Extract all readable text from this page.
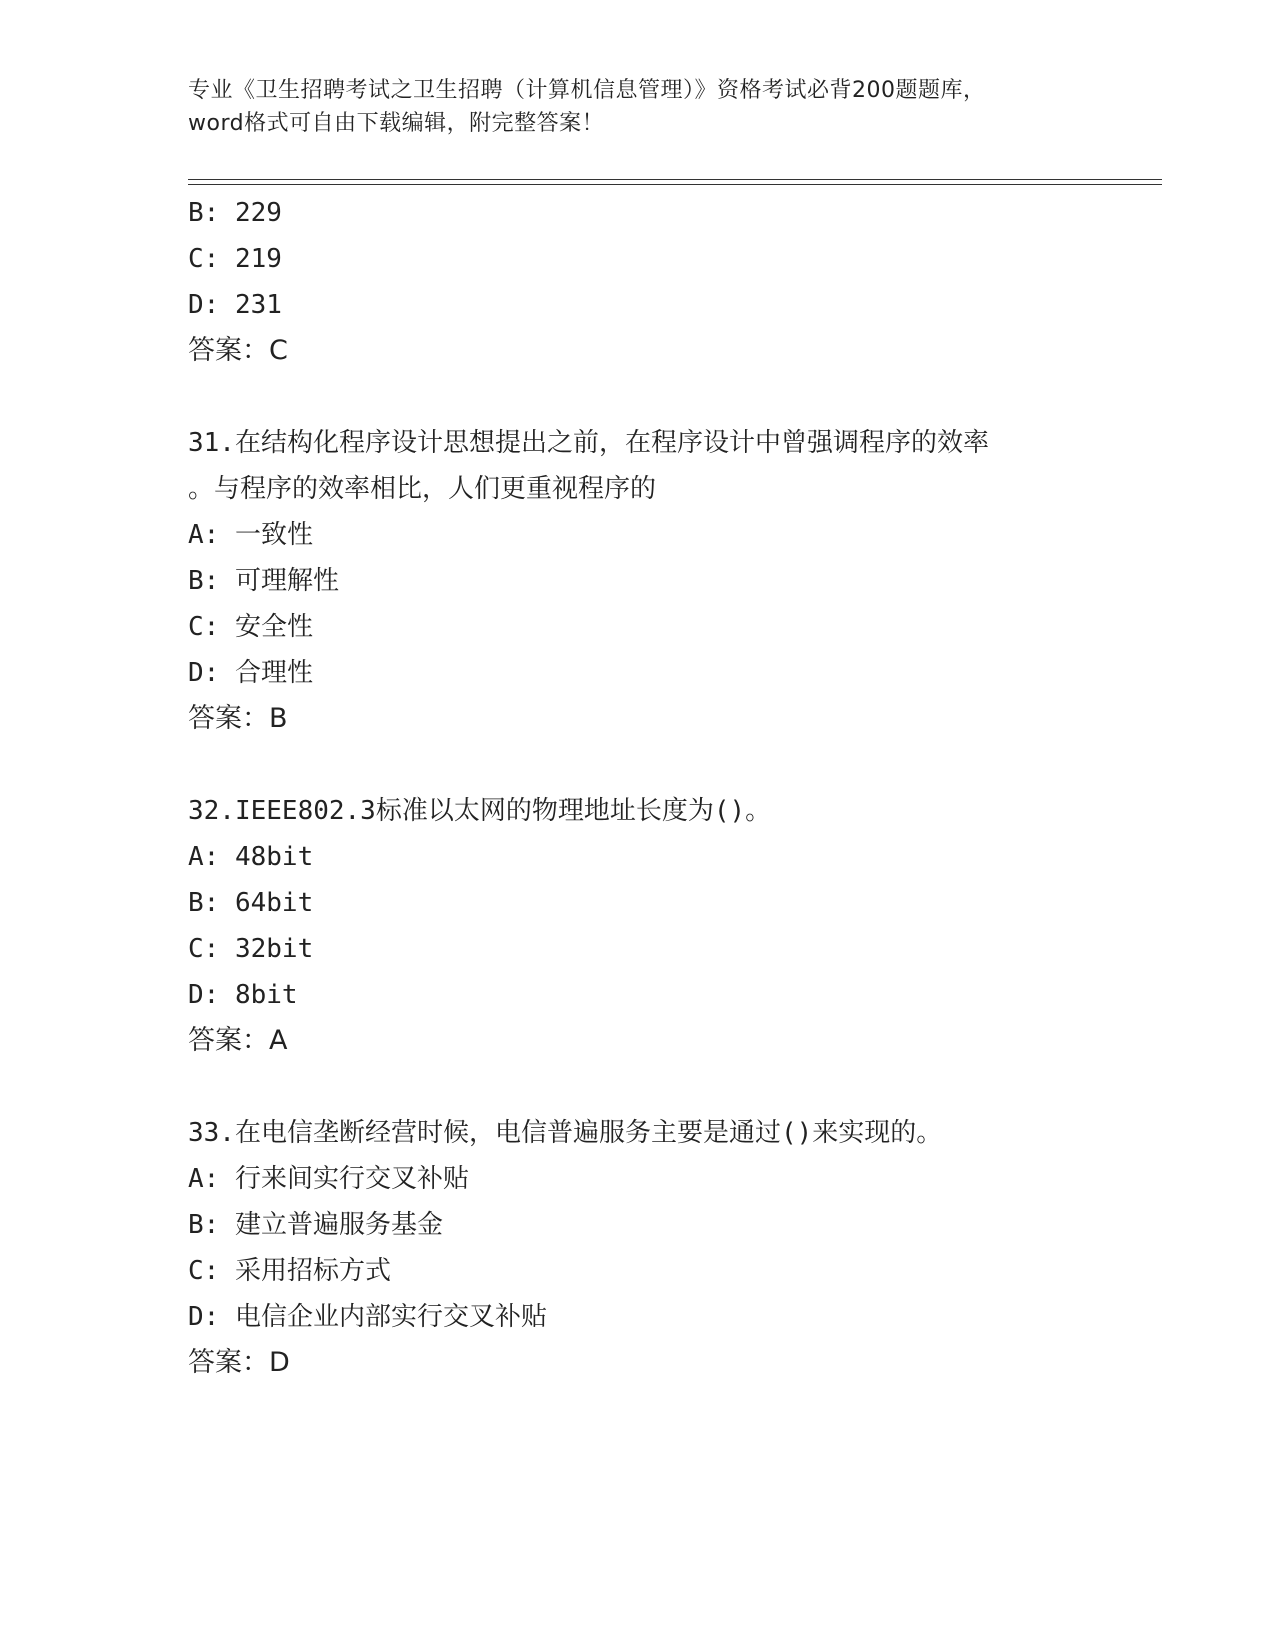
专业《卫生招聘考试之卫生招聘（计算机信息管理）》资格考试必背200题题库，
word格式可自由下载编辑，附完整答案！
B: 229
C: 219
D: 231
答案：C
31.在结构化程序设计思想提出之前，在程序设计中曾强调程序的效率
。与程序的效率相比，人们更重视程序的
A: 一致性
B: 可理解性
C: 安全性
D: 合理性
答案：B
32.IEEE802.3标准以太网的物理地址长度为()。
A: 48bit
B: 64bit
C: 32bit
D: 8bit
答案：A
33.在电信垄断经营时候，电信普遍服务主要是通过()来实现的。
A: 行来间实行交叉补贴
B: 建立普遍服务基金
C: 采用招标方式
D: 电信企业内部实行交叉补贴
答案：D
